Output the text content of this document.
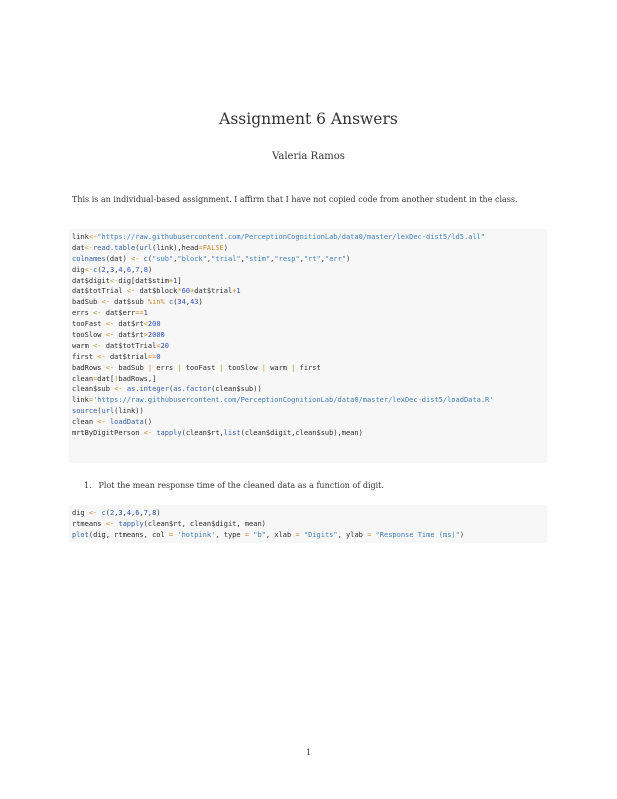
Assignment 6 Answers
Valeria Ramos
This is an individual-based assignment. I affirm that I have not copied code from another student in the class.
link<-"https://raw.githubusercontent.com/PerceptionCognitionLab/data0/master/lexDec-dist5/ld5.all"
dat<-read.table(url(link),head=FALSE)
colnames(dat) <- c("sub","block","trial","stim","resp","rt","err")
dig<-c(2,3,4,6,7,8)
dat$digit<-dig[dat$stim+1]
dat$totTrial <- dat$block*60+dat$trial+1
badSub <- dat$sub %in% c(34,43)
errs <- dat$err==1
tooFast <- dat$rt<200
tooSlow <- dat$rt>2000
warm <- dat$totTrial<20
first <- dat$trial==0
badRows <- badSub | errs | tooFast | tooSlow | warm | first
clean=dat[!badRows,]
clean$sub <- as.integer(as.factor(clean$sub))
link='https://raw.githubusercontent.com/PerceptionCognitionLab/data0/master/lexDec-dist5/loadData.R'
source(url(link))
clean <- loadData()
mrtByDigitPerson <- tapply(clean$rt,list(clean$digit,clean$sub),mean)
1. Plot the mean response time of the cleaned data as a function of digit.
dig <- c(2,3,4,6,7,8)
rtmeans <- tapply(clean$rt, clean$digit, mean)
plot(dig, rtmeans, col = 'hotpink', type = "b", xlab = "Digits", ylab = "Response Time (ms)")
1
